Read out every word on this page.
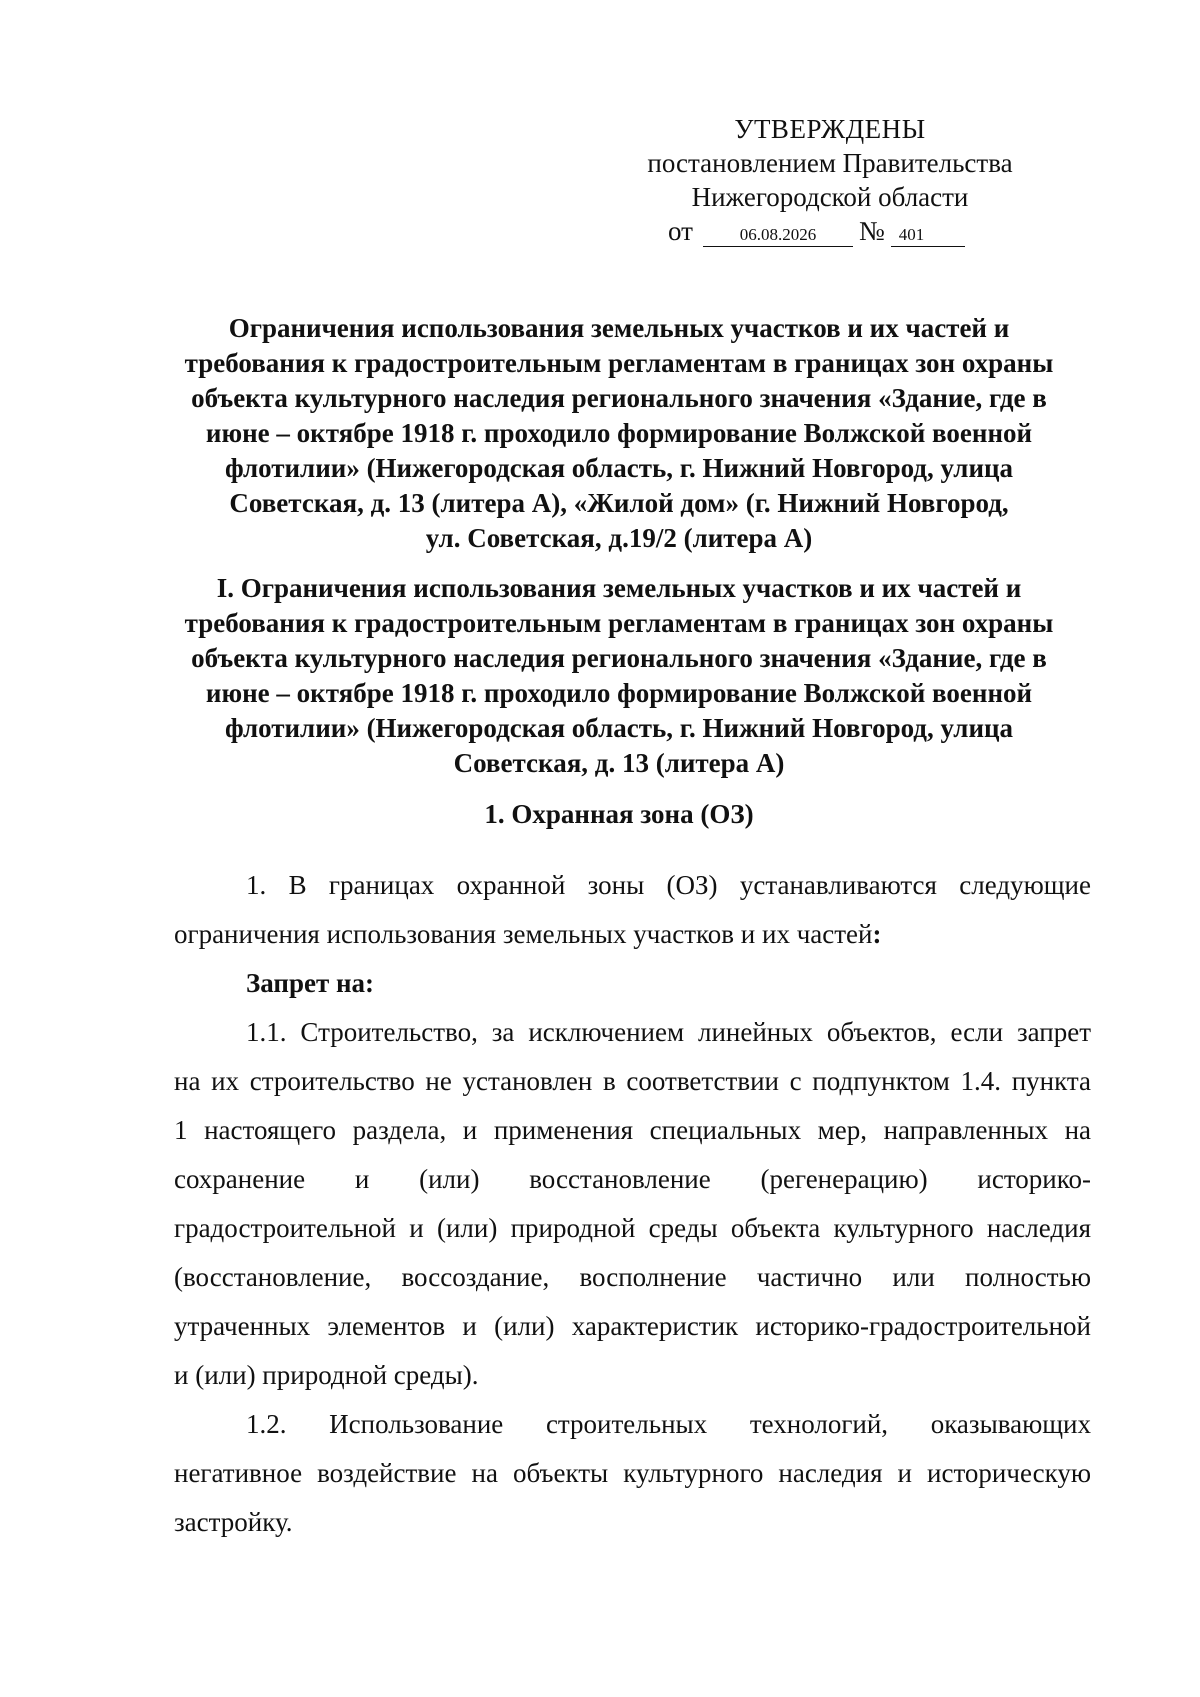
УТВЕРЖДЕНЫ
постановлением Правительства
Нижегородской области
от	06.08.2026 № 401
Ограничения использования земельных участков и их частей и
требования к градостроительным регламентам в границах зон охраны
объекта культурного наследия регионального значения «Здание, где в
июне – октябре 1918 г. проходило формирование Волжской военной
флотилии» (Нижегородская область, г. Нижний Новгород, улица
Советская, д. 13 (литера А), «Жилой дом» (г. Нижний Новгород,
ул. Советская, д.19/2 (литера А)
I. Ограничения использования земельных участков и их частей и
требования к градостроительным регламентам в границах зон охраны
объекта культурного наследия регионального значения «Здание, где в
июне – октябре 1918 г. проходило формирование Волжской военной
флотилии» (Нижегородская область, г. Нижний Новгород, улица
Советская, д. 13 (литера А)
1. Охранная зона (ОЗ)
1. В границах охранной зоны (ОЗ) устанавливаются следующие
ограничения использования земельных участков и их частей:
Запрет на:
1.1. Строительство, за исключением линейных объектов, если запрет
на их строительство не установлен в соответствии с подпунктом 1.4. пункта
1 настоящего раздела, и применения специальных мер, направленных на
сохранение и (или) восстановление (регенерацию) историко-
градостроительной и (или) природной среды объекта культурного наследия
(восстановление, воссоздание, восполнение частично или полностью
утраченных элементов и (или) характеристик историко-градостроительной
и (или) природной среды).
1.2. Использование строительных технологий, оказывающих
негативное воздействие на объекты культурного наследия и историческую
застройку.
